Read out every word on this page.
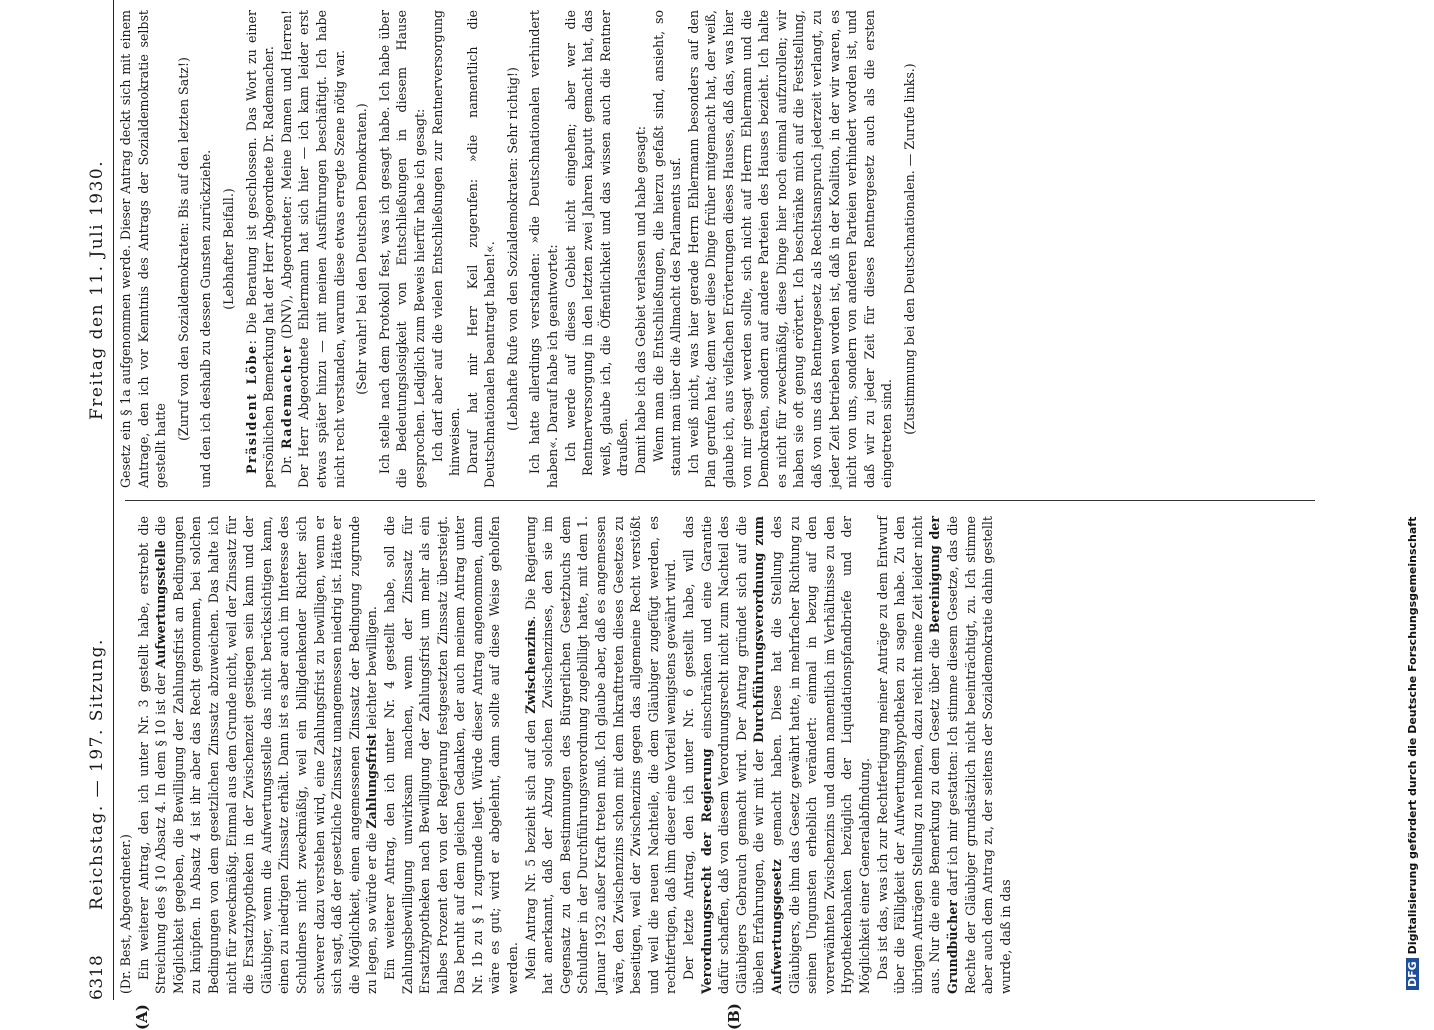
6318
Reichstag. — 197. Sitzung.
Freitag den 11. Juli 1930.
(A)	(B)

(Dr. Best, Abgeordneter.) Ein weiterer Antrag, den ich unter Nr. 3 gestellt habe, erstrebt die Streichung des § 10 Absatz 4. In dem § 10 ist der Aufwertungsstelle die Möglichkeit gegeben, die Bewilligung der Zahlungsfrist an Bedingungen zu knüpfen. In Absatz 4 ist ihr aber das Recht genommen, bei solchen Bedingungen von dem gesetzlichen Zinssatz abzuweichen. Das halte ich nicht für zweckmäßig. Einmal aus dem Grunde nicht, weil der Zinssatz für die Ersatzhypotheken in der Zwischenzeit gestiegen sein kann und der Gläubiger, wenn die Aufwertungsstelle das nicht berücksichtigen kann, einen zu niedrigen Zinssatz erhält. Dann ist es aber auch im Interesse des Schuldners nicht zweckmäßig, weil ein billigdenkender Richter sich schwerer dazu verstehen wird, eine Zahlungsfrist zu bewilligen, wenn er sich sagt, daß der gesetzliche Zinssatz unangemessen niedrig ist. Hätte er die Möglichkeit, einen angemessenen Zinssatz der Bedingung zugrunde zu legen, so würde er die Zahlungsfrist leichter bewilligen. Ein weiterer Antrag, den ich unter Nr. 4 gestellt habe, soll die Zahlungsbewilligung unwirksam machen, wenn der Zinssatz für Ersatzhypotheken nach Bewilligung der Zahlungsfrist um mehr als ein halbes Prozent den von der Regierung festgesetzten Zinssatz übersteigt. Das beruht auf dem gleichen Gedanken, der auch meinem Antrag unter Nr. 1b zu § 1 zugrunde liegt. Würde dieser Antrag angenommen, dann wäre es gut; wird er abgelehnt, dann sollte auf diese Weise geholfen werden. Mein Antrag Nr. 5 bezieht sich auf den Zwischenzins. Die Regierung hat anerkannt, daß der Abzug solchen Zwischenzinses, den sie im Gegensatz zu den Bestimmungen des Bürgerlichen Gesetzbuchs dem Schuldner in der Durchführungsverordnung zugebilligt hatte, mit dem 1. Januar 1932 außer Kraft treten muß. Ich glaube aber, daß es angemessen wäre, den Zwischenzins schon mit dem Inkrafttreten dieses Gesetzes zu beseitigen, weil der Zwischenzins gegen das allgemeine Recht verstößt und weil die neuen Nachteile, die dem Gläubiger zugefügt werden, es rechtfertigen, daß ihm dieser eine Vorteil wenigstens gewährt wird. Der letzte Antrag, den ich unter Nr. 6 gestellt habe, will das Verordnungsrecht der Regierung einschränken und eine Garantie dafür schaffen, daß von diesem Verordnungsrecht nicht zum Nachteil des Gläubigers Gebrauch gemacht wird. Der Antrag gründet sich auf die übelen Erfahrungen, die wir mit der Durchführungsverordnung zum Aufwertungsgesetz gemacht haben. Diese hat die Stellung des Gläubigers, die ihm das Gesetz gewährt hatte, in mehrfacher Richtung zu seinen Ungunsten erheblich verändert: einmal in bezug auf den vorerwähnten Zwischenzins und dann namentlich im Verhältnisse zu den Hypothekenbanken bezüglich der Liquidationspfandbriefe und der Möglichkeit einer Generalabfindung. Das ist das, was ich zur Rechtfertigung meiner Anträge zu dem Entwurf über die Fälligkeit der Aufwertungshypotheken zu sagen habe. Zu den übrigen Anträgen Stellung zu nehmen, dazu reicht meine Zeit leider nicht aus. Nur die eine Bemerkung zu dem Gesetz über die Bereinigung der Grundbücher darf ich mir gestatten: Ich stimme diesem Gesetze, das die Rechte der Gläubiger grundsätzlich nicht beeinträchtigt, zu. Ich stimme aber auch dem Antrag zu, der seitens der Sozialdemokratie dahin gestellt wurde, daß in das

Gesetz ein § 1a aufgenommen werde. Dieser Antrag deckt sich mit einem Antrage, den ich vor Kenntnis des Antrags der Sozialdemokratie selbst gestellt hatte

(Zuruf von den Sozialdemokraten: Bis auf den letzten Satz!) und den ich deshalb zu dessen Gunsten zurückziehe. (Lebhafter Beifall.)

Präsident Löbe: Die Beratung ist geschlossen. Das Wort zu einer persönlichen Bemerkung hat der Herr Abgeordnete Dr. Rademacher. Dr. Rademacher (DNV), Abgeordneter: Meine Damen und Herren! Der Herr Abgeordnete Ehlermann hat sich hier — ich kam leider erst etwas später hinzu — mit meinen Ausführungen beschäftigt. Ich habe nicht recht verstanden, warum diese etwas erregte Szene nötig war. (Sehr wahr! bei den Deutschen Demokraten.) Ich stelle nach dem Protokoll fest, was ich gesagt habe. Ich habe über die Bedeutungslosigkeit von Entschließungen in diesem Hause gesprochen. Lediglich zum Beweis hierfür habe ich gesagt: Ich darf aber auf die vielen Entschließungen zur Rentnerversorgung hinweisen. Darauf hat mir Herr Keil zugerufen: »die namentlich die Deutschnationalen beantragt haben!«. (Lebhafte Rufe von den Sozialdemokraten: Sehr richtig!) Ich hatte allerdings verstanden: »die Deutschnationalen verhindert haben«. Darauf habe ich geantwortet: Ich werde auf dieses Gebiet nicht eingehen; aber wer die Rentnerversorgung in den letzten zwei Jahren kaputt gemacht hat, das weiß, glaube ich, die Öffentlichkeit und das wissen auch die Rentner draußen. Damit habe ich das Gebiet verlassen und habe gesagt: Wenn man die Entschließungen, die hierzu gefaßt sind, ansieht, so staunt man über die Allmacht des Parlaments usf. Ich weiß nicht, was hier gerade Herrn Ehlermann besonders auf den Plan gerufen hat; denn wer diese Dinge früher mitgemacht hat, der weiß, glaube ich, aus vielfachen Erörterungen dieses Hauses, daß das, was hier von mir gesagt werden sollte, sich nicht auf Herrn Ehlermann und die Demokraten, sondern auf andere Parteien des Hauses bezieht. Ich halte es nicht für zweckmäßig, diese Dinge hier noch einmal aufzurollen; wir haben sie oft genug erörtert. Ich beschränke mich auf die Feststellung, daß von uns das Rentnergesetz als Rechtsanspruch jederzeit verlangt, zu jeder Zeit betrieben worden ist, daß in der Koalition, in der wir waren, es nicht von uns, sondern von anderen Parteien verhindert worden ist, und daß wir zu jeder Zeit für dieses Rentnergesetz auch als die ersten eingetreten sind. (Zustimmung bei den Deutschnationalen. — Zurufe links.)

DFGDigitalisierung gefördert durch die Deutsche Forschungsgemeinschaft
